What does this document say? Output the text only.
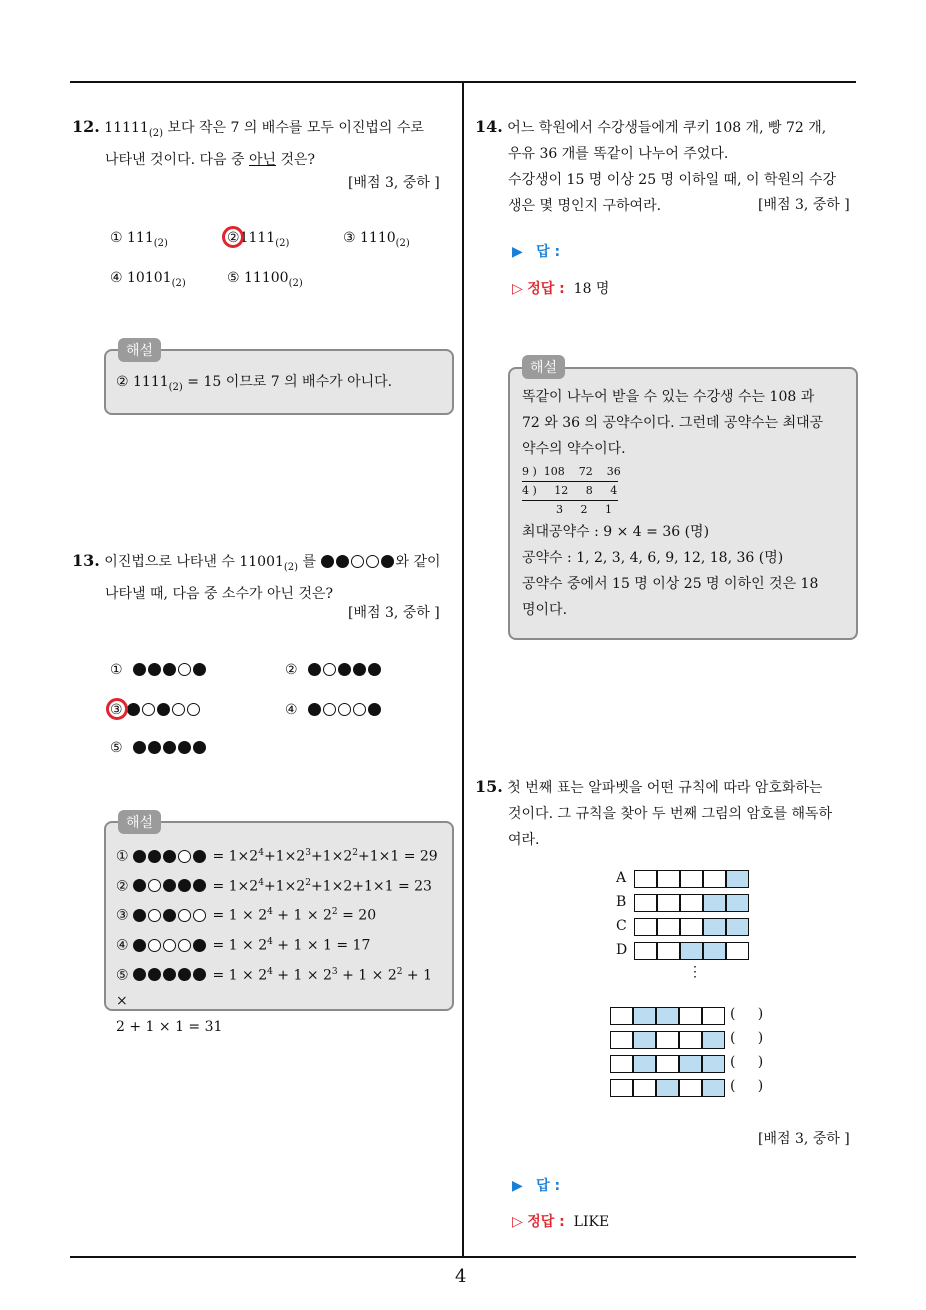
4
12. $11111_{(2)}$ 보다 작은 7 의 배수를 모두 이진법의 수로
나타낸 것이다. 다음 중 아닌 것은?
[배점 3, 중하 ]
① $111_{(2)}$	$②1111_{(2)}$	③ $1110_{(2)}$
④ $10101_{(2)}$	⑤ $11100_{(2)}$
해설
② $1111_{(2)} = 15$ 이므로 7 의 배수가 아니다.
13. 이진법으로 나타낸 수 $11001_{(2)}$ 를	와 같이
나타낼 때, 다음 중 소수가 아닌 것은?
[배점 3, 중하 ]
①	②
③	④
⑤
해설
①	= $1\times 2^4+1\times 2^3+1\times 2^2+1\times 1 = 29$
②	= $1\times 2^4+1\times 2^2+1\times 2+1\times 1 = 23$
③	= $1 \times 2^4 + 1 \times 2^2 = 20$
④	= $1 \times 2^4 + 1 \times 1 = 17$
⑤	= $1 \times 2^4 + 1 \times 2^3 + 1 \times 2^2 + 1$ ×
2 + 1 × 1 = 31
14. 어느 학원에서 수강생들에게 쿠키 108 개, 빵 72 개,
우유 36 개를 똑같이 나누어 주었다.
수강생이 15 명 이상 25 명 이하일 때, 이 학원의 수강
생은 몇 명인지 구하여라.	[배점 3, 중하 ]
▶ 답 :
▷ 정답 : 18 명
해설
똑같이 나누어 받을 수 있는 수강생 수는 108 과
72 와 36 의 공약수이다. 그런데 공약수는 최대공
약수의 약수이다.
9 )  108    72    36
4 )     12     8     4
3     2     1
최대공약수 : 9 × 4 = 36 (명)
공약수 : 1, 2, 3, 4, 6, 9, 12, 18, 36 (명)
공약수 중에서 15 명 이상 25 명 이하인 것은 18
명이다.
15. 첫 번째 표는 알파벳을 어떤 규칙에 따라 암호화하는
것이다. 그 규칙을 찾아 두 번째 그림의 암호를 해독하
여라.
A
B
C
D
⋮
(     )
(     )
(     )
(     )
[배점 3, 중하 ]
▶ 답 :
▷ 정답 : LIKE
